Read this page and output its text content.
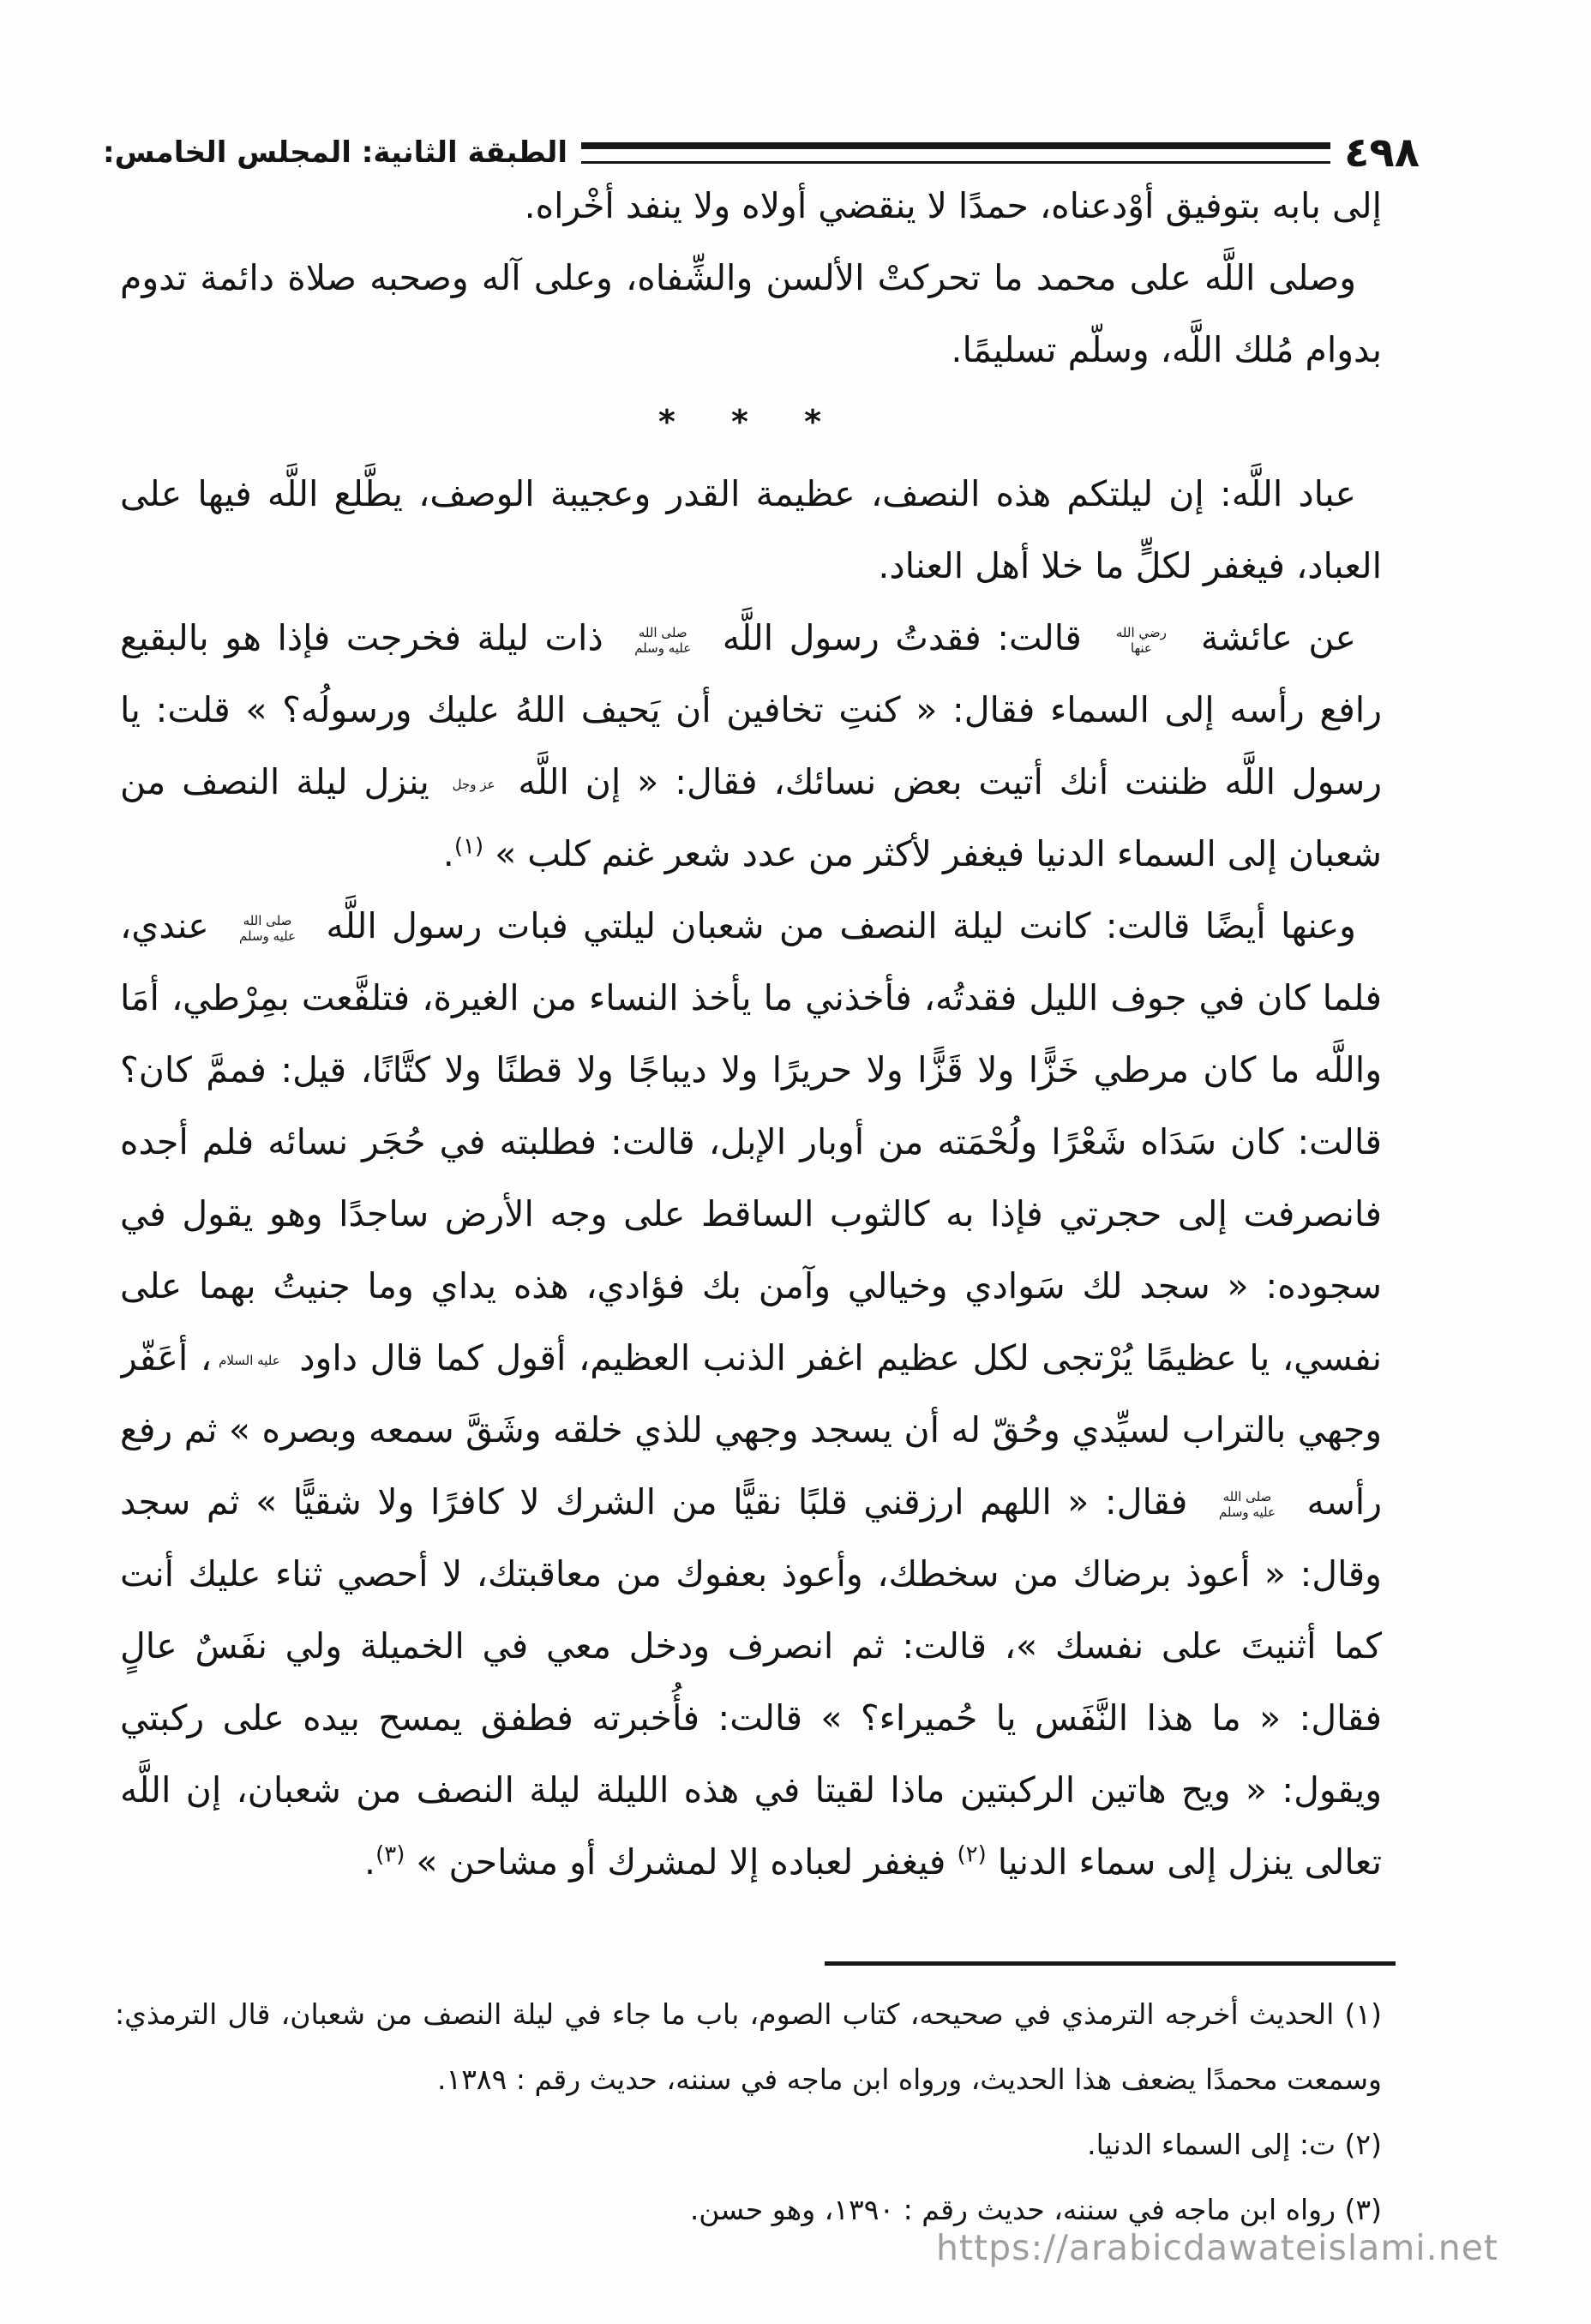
٤٩٨
الطبقة الثانية: المجلس الخامس:

إلى بابه بتوفيق أوْدعناه، حمدًا لا ينقضي أولاه ولا ينفد أخْراه.

وصلى اللَّه على محمد ما تحركتْ الألسن والشِّفاه، وعلى آله وصحبه صلاة دائمة تدوم بدوام مُلك اللَّه، وسلّم تسليمًا.

* * *

عباد اللَّه: إن ليلتكم هذه النصف، عظيمة القدر وعجيبة الوصف، يطَّلع اللَّه فيها على العباد، فيغفر لكلٍّ ما خلا أهل العناد.

عن عائشة رضي الله عنها قالت: فقدتُ رسول اللَّه صلى الله عليه وسلم ذات ليلة فخرجت فإذا هو بالبقيع رافع رأسه إلى السماء فقال: « كنتِ تخافين أن يَحيف اللهُ عليك ورسولُه؟ » قلت: يا رسول اللَّه ظننت أنك أتيت بعض نسائك، فقال: « إن اللَّه عز وجل ينزل ليلة النصف من شعبان إلى السماء الدنيا فيغفر لأكثر من عدد شعر غنم كلب » $^{(١)}$.

وعنها أيضًا قالت: كانت ليلة النصف من شعبان ليلتي فبات رسول اللَّه صلى الله عليه وسلم عندي، فلما كان في جوف الليل فقدتُه، فأخذني ما يأخذ النساء من الغيرة، فتلفَّعت بمِرْطي، أمَا واللَّه ما كان مرطي خَزًّا ولا قَزًّا ولا حريرًا ولا ديباجًا ولا قطنًا ولا كتَّانًا، قيل: فممَّ كان؟ قالت: كان سَدَاه شَعْرًا ولُحْمَته من أوبار الإبل، قالت: فطلبته في حُجَر نسائه فلم أجده فانصرفت إلى حجرتي فإذا به كالثوب الساقط على وجه الأرض ساجدًا وهو يقول في سجوده: « سجد لك سَوادي وخيالي وآمن بك فؤادي، هذه يداي وما جنيتُ بهما على نفسي، يا عظيمًا يُرْتجى لكل عظيم اغفر الذنب العظيم، أقول كما قال داود عليه السلام، أعَفّر وجهي بالتراب لسيِّدي وحُقّ له أن يسجد وجهي للذي خلقه وشَقَّ سمعه وبصره » ثم رفع رأسه صلى الله عليه وسلم فقال: « اللهم ارزقني قلبًا نقيًّا من الشرك لا كافرًا ولا شقيًّا » ثم سجد وقال: « أعوذ برضاك من سخطك، وأعوذ بعفوك من معاقبتك، لا أحصي ثناء عليك أنت كما أثنيتَ على نفسك »، قالت: ثم انصرف ودخل معي في الخميلة ولي نفَسٌ عالٍ فقال: « ما هذا النَّفَس يا حُميراء؟ » قالت: فأُخبرته فطفق يمسح بيده على ركبتي ويقول: « ويح هاتين الركبتين ماذا لقيتا في هذه الليلة ليلة النصف من شعبان، إن اللَّه تعالى ينزل إلى سماء الدنيا $^{(٢)}$ فيغفر لعباده إلا لمشرك أو مشاحن » $^{(٣)}$.

(١) الحديث أخرجه الترمذي في صحيحه، كتاب الصوم، باب ما جاء في ليلة النصف من شعبان، قال الترمذي: وسمعت محمدًا يضعف هذا الحديث، ورواه ابن ماجه في سننه، حديث رقم : ١٣٨٩.

(٢) ت: إلى السماء الدنيا.

(٣) رواه ابن ماجه في سننه، حديث رقم : ١٣٩٠، وهو حسن.

https://arabicdawateislami.net
